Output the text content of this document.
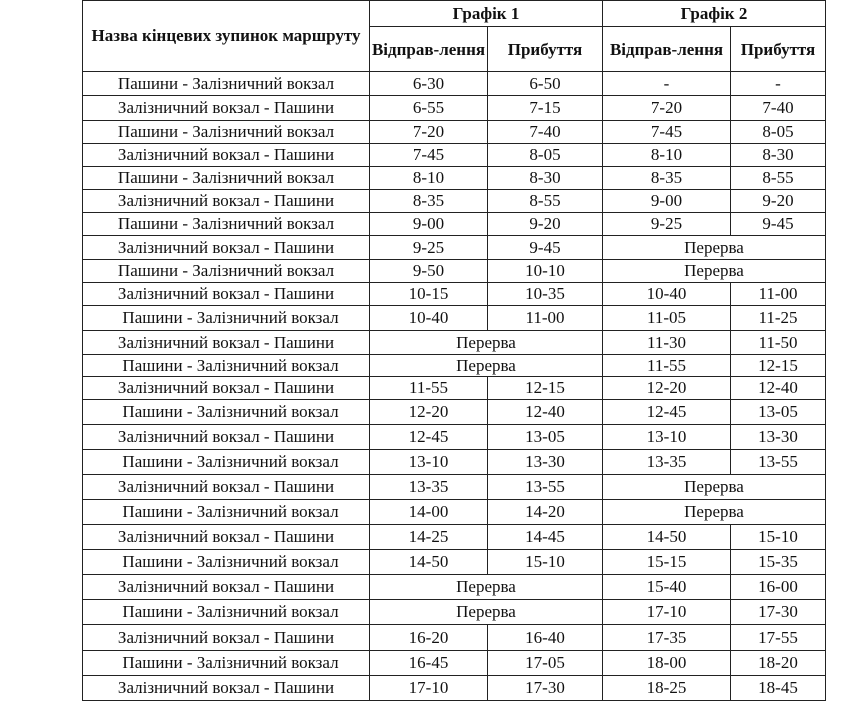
Назва кінцевих зупинок маршруту	Графік 1		Графік 2	
	Відправ-лення	Прибуття	Відправ-лення	Прибуття
Пашини - Залізничний вокзал	6-30	6-50	-	-
Залізничний вокзал - Пашини	6-55	7-15	7-20	7-40
Пашини - Залізничний вокзал	7-20	7-40	7-45	8-05
Залізничний вокзал - Пашини	7-45	8-05	8-10	8-30
Пашини - Залізничний вокзал	8-10	8-30	8-35	8-55
Залізничний вокзал - Пашини	8-35	8-55	9-00	9-20
Пашини - Залізничний вокзал	9-00	9-20	9-25	9-45
Залізничний вокзал - Пашини	9-25	9-45	Перерва	
Пашини - Залізничний вокзал	9-50	10-10	Перерва	
Залізничний вокзал - Пашини	10-15	10-35	10-40	11-00
Пашини - Залізничний вокзал	10-40	11-00	11-05	11-25
Залізничний вокзал - Пашини	Перерва		11-30	11-50
Пашини - Залізничний вокзал	Перерва		11-55	12-15
Залізничний вокзал - Пашини	11-55	12-15	12-20	12-40
Пашини - Залізничний вокзал	12-20	12-40	12-45	13-05
Залізничний вокзал - Пашини	12-45	13-05	13-10	13-30
Пашини - Залізничний вокзал	13-10	13-30	13-35	13-55
Залізничний вокзал - Пашини	13-35	13-55	Перерва	
Пашини - Залізничний вокзал	14-00	14-20	Перерва	
Залізничний вокзал - Пашини	14-25	14-45	14-50	15-10
Пашини - Залізничний вокзал	14-50	15-10	15-15	15-35
Залізничний вокзал - Пашини	Перерва		15-40	16-00
Пашини - Залізничний вокзал	Перерва		17-10	17-30
Залізничний вокзал - Пашини	16-20	16-40	17-35	17-55
Пашини - Залізничний вокзал	16-45	17-05	18-00	18-20
Залізничний вокзал - Пашини	17-10	17-30	18-25	18-45
